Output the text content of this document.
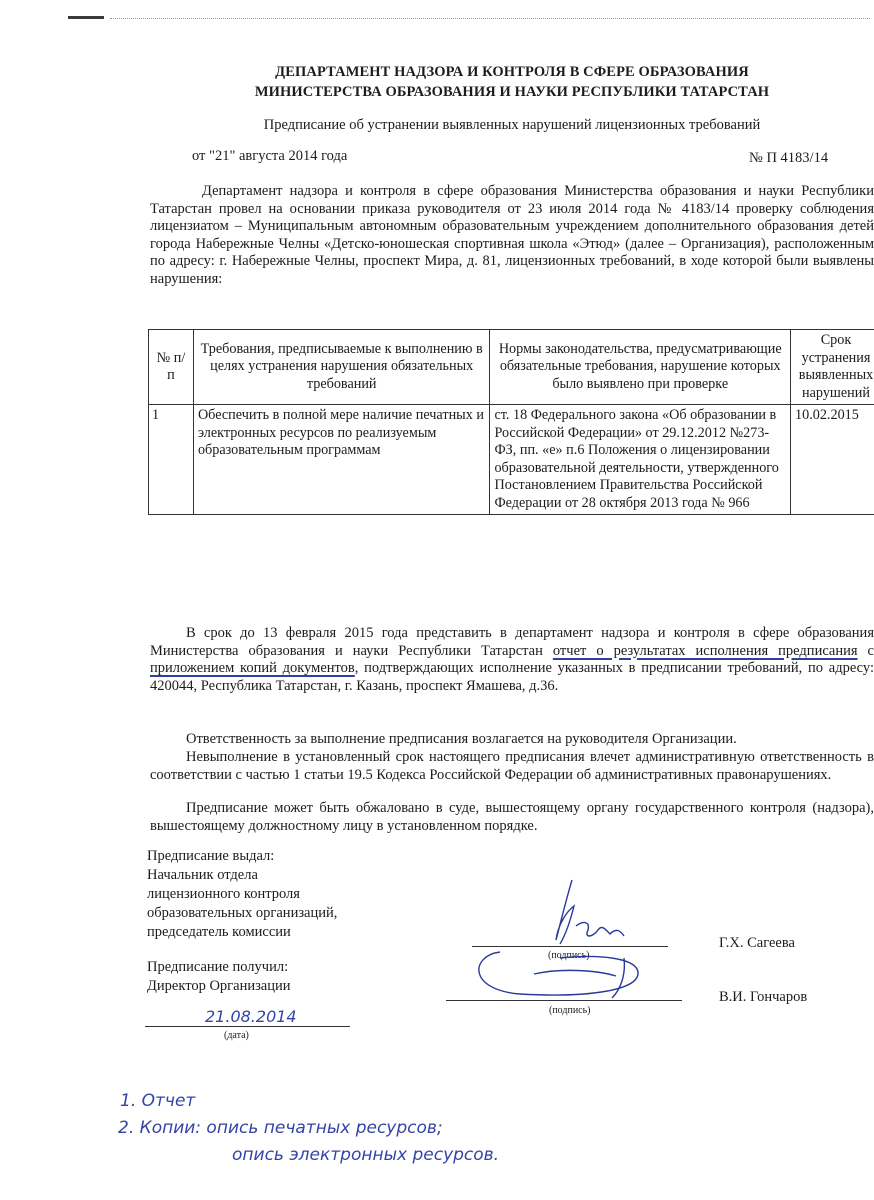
ДЕПАРТАМЕНТ НАДЗОРА И КОНТРОЛЯ В СФЕРЕ ОБРАЗОВАНИЯ
МИНИСТЕРСТВА ОБРАЗОВАНИЯ И НАУКИ РЕСПУБЛИКИ ТАТАРСТАН
Предписание об устранении выявленных нарушений лицензионных требований
от "21" августа 2014 года	№ П 4183/14
Департамент надзора и контроля в сфере образования Министерства образования и науки Республики Татарстан провел на основании приказа руководителя от 23 июля 2014 года № 4183/14 проверку соблюдения лицензиатом – Муниципальным автономным образовательным учреждением дополнительного образования детей города Набережные Челны «Детско-юношеская спортивная школа «Этюд» (далее – Организация), расположенным по адресу: г. Набережные Челны, проспект Мира, д. 81, лицензионных требований, в ходе которой были выявлены нарушения:
№ п/п	Требования, предписываемые к выполнению в целях устранения нарушения обязательных требований	Нормы законодательства, предусматривающие обязательные требования, нарушение которых было выявлено при проверке	Срок устранения выявленных нарушений
1	Обеспечить в полной мере наличие печатных и электронных ресурсов по реализуемым образовательным программам	ст. 18 Федерального закона «Об образовании в Российской Федерации» от 29.12.2012 №273-ФЗ, пп. «е» п.6 Положения о лицензировании образовательной деятельности, утвержденного Постановлением Правительства Российской Федерации от 28 октября 2013 года № 966	10.02.2015
В срок до 13 февраля 2015 года представить в департамент надзора и контроля в сфере образования Министерства образования и науки Республики Татарстан отчет о результатах исполнения предписания с приложением копий документов, подтверждающих исполнение указанных в предписании требований, по адресу: 420044, Республика Татарстан, г. Казань, проспект Ямашева, д.36.
Ответственность за выполнение предписания возлагается на руководителя Организации.
Невыполнение в установленный срок настоящего предписания влечет административную ответственность в соответствии с частью 1 статьи 19.5 Кодекса Российской Федерации об административных правонарушениях.
Предписание может быть обжаловано в суде, вышестоящему органу государственного контроля (надзора), вышестоящему должностному лицу в установленном порядке.
Предписание выдал:
Начальник отдела
лицензионного контроля
образовательных организаций,
председатель комиссии
Предписание получил:
Директор Организации
(подпись)
Г.Х. Сагеева
(подпись)
В.И. Гончаров
(дата)
21.08.2014
1. Отчет
2. Копии: опись печатных ресурсов;
опись электронных ресурсов.
